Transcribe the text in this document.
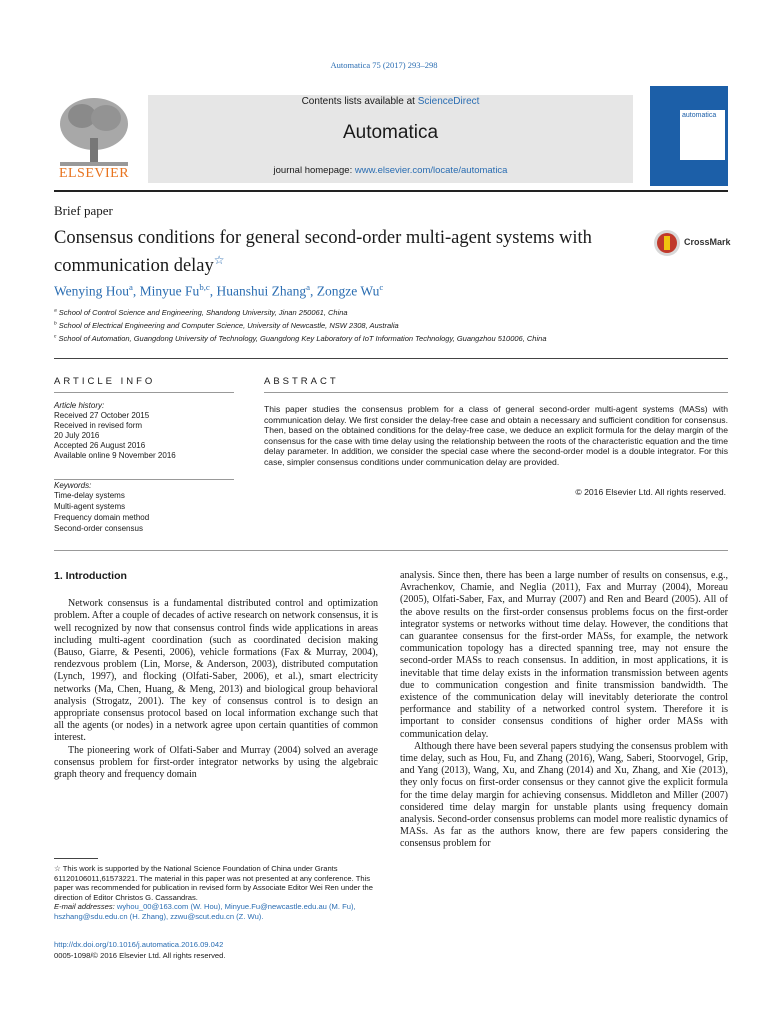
Automatica 75 (2017) 293–298
ELSEVIER
Contents lists available at ScienceDirect
Automatica
journal homepage: www.elsevier.com/locate/automatica
automatica
Brief paper
Consensus conditions for general second-order multi-agent systems with communication delay☆
CrossMark
Wenying Hou$^a$, Minyue Fu$^{b,c}$, Huanshui Zhang$^a$, Zongze Wu$^c$
$^a$ School of Control Science and Engineering, Shandong University, Jinan 250061, China
$^b$ School of Electrical Engineering and Computer Science, University of Newcastle, NSW 2308, Australia
$^c$ School of Automation, Guangdong University of Technology, Guangdong Key Laboratory of IoT Information Technology, Guangzhou 510006, China
ARTICLE INFO
Article history:
Received 27 October 2015
Received in revised form
20 July 2016
Accepted 26 August 2016
Available online 9 November 2016
Keywords:
Time-delay systems
Multi-agent systems
Frequency domain method
Second-order consensus
ABSTRACT
This paper studies the consensus problem for a class of general second-order multi-agent systems (MASs) with communication delay. We first consider the delay-free case and obtain a necessary and sufficient condition for consensus. Then, based on the obtained conditions for the delay-free case, we deduce an explicit formula for the delay margin of the consensus for the case with time delay using the relationship between the roots of the characteristic equation and the time delay parameter. In addition, we consider the special case where the second-order model is a double integrator. For this case, simpler consensus conditions under communication delay are provided.
© 2016 Elsevier Ltd. All rights reserved.
1. Introduction

Network consensus is a fundamental distributed control and optimization problem. After a couple of decades of active research on network consensus, it is well recognized by now that consensus control finds wide applications in areas including multi-agent coordination (such as coordinated decision making (Bauso, Giarre, & Pesenti, 2006), vehicle formations (Fax & Murray, 2004), rendezvous problem (Lin, Morse, & Anderson, 2003), distributed computation (Lynch, 1997), and flocking (Olfati-Saber, 2006), et al.), smart electricity networks (Ma, Chen, Huang, & Meng, 2013) and biological group behavioral analysis (Strogatz, 2001). The key of consensus control is to design an appropriate consensus protocol based on local information exchange such that all the agents (or nodes) in a network agree upon certain quantities of common interest.

The pioneering work of Olfati-Saber and Murray (2004) solved an average consensus problem for first-order integrator networks by using the algebraic graph theory and frequency domain

analysis. Since then, there has been a large number of results on consensus, e.g., Avrachenkov, Chamie, and Neglia (2011), Fax and Murray (2004), Moreau (2005), Olfati-Saber, Fax, and Murray (2007) and Ren and Beard (2005). All of the above results on the first-order consensus problems focus on the first-order integrator systems or networks without time delay. However, the conditions that can guarantee consensus for the first-order MASs, for example, the network communication topology has a directed spanning tree, may not ensure the second-order MASs to reach consensus. In addition, in most applications, it is inevitable that time delay exists in the information transmission between agents due to communication congestion and finite transmission bandwidth. The existence of the communication delay will inevitably deteriorate the control performance and stability of a networked control system. Therefore it is important to consider consensus conditions of higher order MASs with communication delay.

Although there have been several papers studying the consensus problem with time delay, such as Hou, Fu, and Zhang (2016), Wang, Saberi, Stoorvogel, Grip, and Yang (2013), Wang, Xu, and Zhang (2014) and Xu, Zhang, and Xie (2013), they only focus on first-order consensus or they cannot give the explicit formula for the time delay margin for achieving consensus. Middleton and Miller (2007) considered time delay margin for unstable plants using frequency domain analysis. Second-order consensus problems can model more realistic dynamics of MASs. As far as the authors know, there are few papers considering the consensus problem for

☆ This work is supported by the National Science Foundation of China under Grants 61120106011,61573221. The material in this paper was not presented at any conference. This paper was recommended for publication in revised form by Associate Editor Wei Ren under the direction of Editor Christos G. Cassandras.
E-mail addresses: wyhou_00@163.com (W. Hou), Minyue.Fu@newcastle.edu.au (M. Fu), hszhang@sdu.edu.cn (H. Zhang), zzwu@scut.edu.cn (Z. Wu).
http://dx.doi.org/10.1016/j.automatica.2016.09.042
0005-1098/© 2016 Elsevier Ltd. All rights reserved.
